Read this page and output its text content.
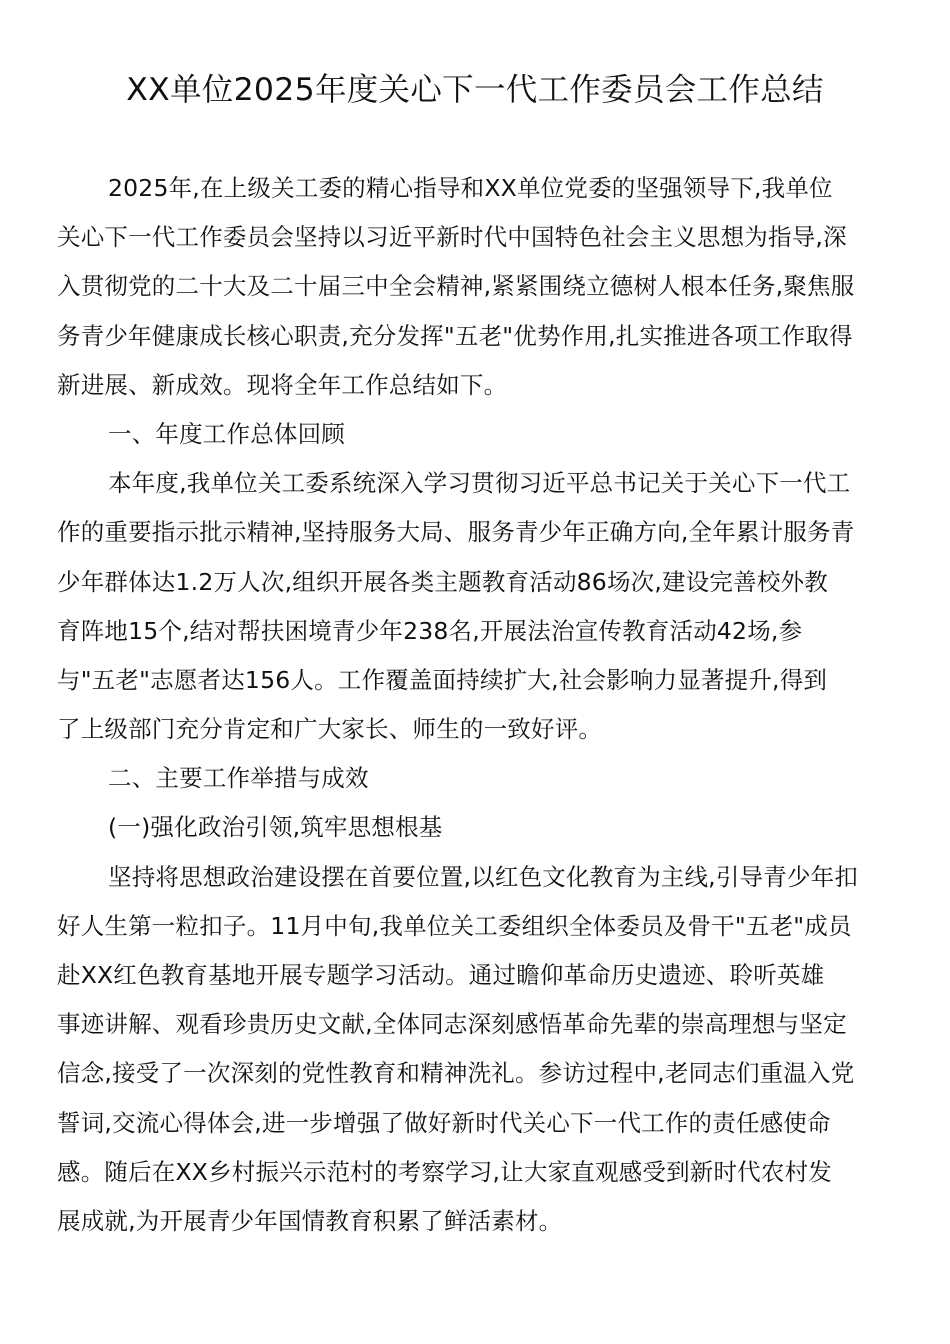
XX单位2025年度关心下一代工作委员会工作总结
2025年,在上级关工委的精心指导和XX单位党委的坚强领导下,我单位
关心下一代工作委员会坚持以习近平新时代中国特色社会主义思想为指导,深
入贯彻党的二十大及二十届三中全会精神,紧紧围绕立德树人根本任务,聚焦服
务青少年健康成长核心职责,充分发挥"五老"优势作用,扎实推进各项工作取得
新进展、新成效。现将全年工作总结如下。
一、年度工作总体回顾
本年度,我单位关工委系统深入学习贯彻习近平总书记关于关心下一代工
作的重要指示批示精神,坚持服务大局、服务青少年正确方向,全年累计服务青
少年群体达1.2万人次,组织开展各类主题教育活动86场次,建设完善校外教
育阵地15个,结对帮扶困境青少年238名,开展法治宣传教育活动42场,参
与"五老"志愿者达156人。工作覆盖面持续扩大,社会影响力显著提升,得到
了上级部门充分肯定和广大家长、师生的一致好评。
二、主要工作举措与成效
(一)强化政治引领,筑牢思想根基
坚持将思想政治建设摆在首要位置,以红色文化教育为主线,引导青少年扣
好人生第一粒扣子。11月中旬,我单位关工委组织全体委员及骨干"五老"成员
赴XX红色教育基地开展专题学习活动。通过瞻仰革命历史遗迹、聆听英雄
事迹讲解、观看珍贵历史文献,全体同志深刻感悟革命先辈的崇高理想与坚定
信念,接受了一次深刻的党性教育和精神洗礼。参访过程中,老同志们重温入党
誓词,交流心得体会,进一步增强了做好新时代关心下一代工作的责任感使命
感。随后在XX乡村振兴示范村的考察学习,让大家直观感受到新时代农村发
展成就,为开展青少年国情教育积累了鲜活素材。
